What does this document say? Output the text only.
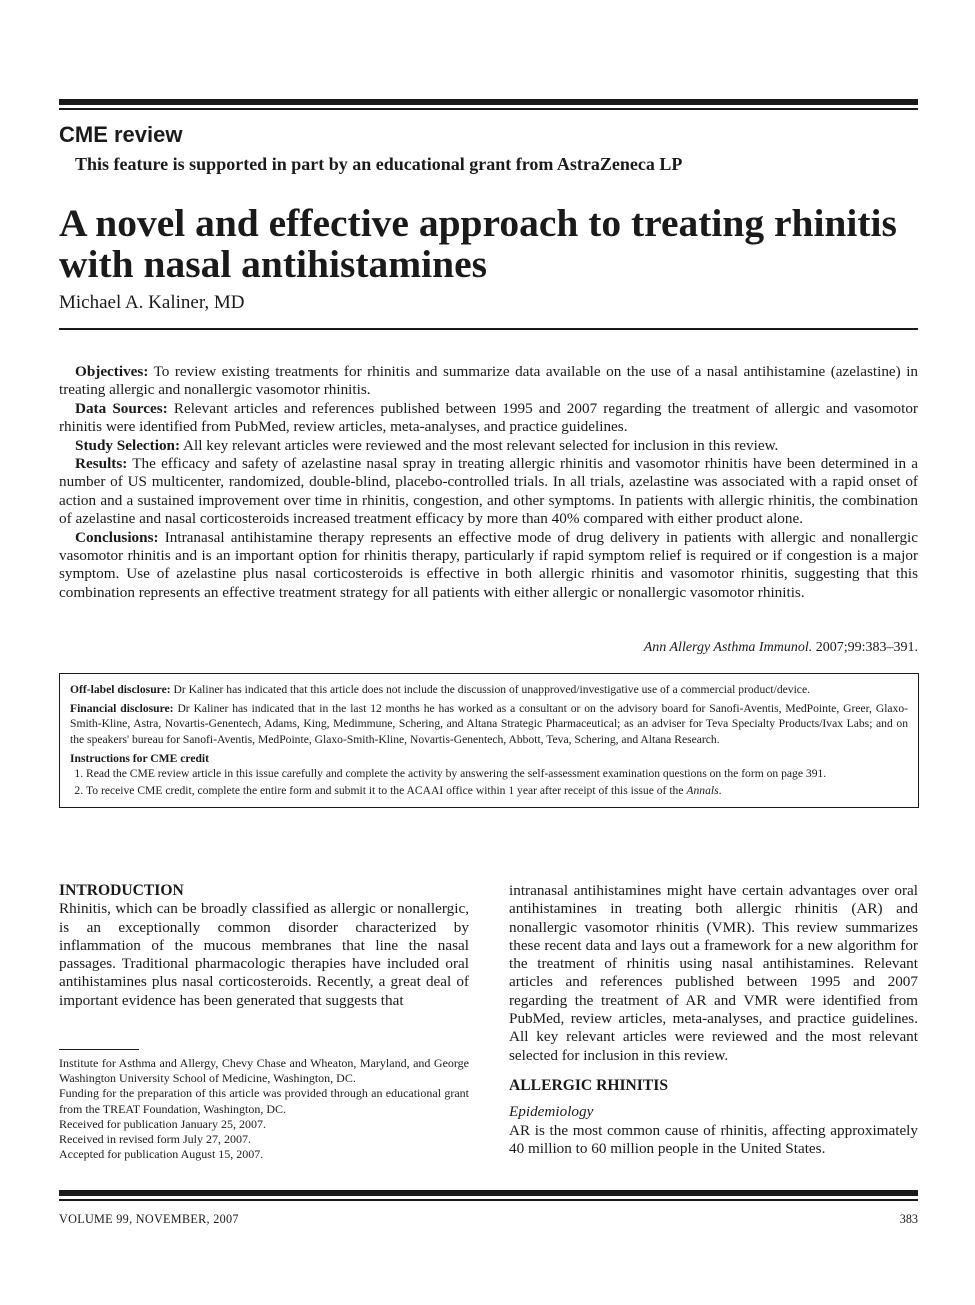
CME review
This feature is supported in part by an educational grant from AstraZeneca LP
A novel and effective approach to treating rhinitis with nasal antihistamines
Michael A. Kaliner, MD

Objectives: To review existing treatments for rhinitis and summarize data available on the use of a nasal antihistamine (azelastine) in treating allergic and nonallergic vasomotor rhinitis.

Data Sources: Relevant articles and references published between 1995 and 2007 regarding the treatment of allergic and vasomotor rhinitis were identified from PubMed, review articles, meta-analyses, and practice guidelines.

Study Selection: All key relevant articles were reviewed and the most relevant selected for inclusion in this review.

Results: The efficacy and safety of azelastine nasal spray in treating allergic rhinitis and vasomotor rhinitis have been determined in a number of US multicenter, randomized, double-blind, placebo-controlled trials. In all trials, azelastine was associated with a rapid onset of action and a sustained improvement over time in rhinitis, congestion, and other symptoms. In patients with allergic rhinitis, the combination of azelastine and nasal corticosteroids increased treatment efficacy by more than 40% compared with either product alone.

Conclusions: Intranasal antihistamine therapy represents an effective mode of drug delivery in patients with allergic and nonallergic vasomotor rhinitis and is an important option for rhinitis therapy, particularly if rapid symptom relief is required or if congestion is a major symptom. Use of azelastine plus nasal corticosteroids is effective in both allergic rhinitis and vasomotor rhinitis, suggesting that this combination represents an effective treatment strategy for all patients with either allergic or nonallergic vasomotor rhinitis.

Ann Allergy Asthma Immunol. 2007;99:383–391.

Off-label disclosure: Dr Kaliner has indicated that this article does not include the discussion of unapproved/investigative use of a commercial product/device.

Financial disclosure: Dr Kaliner has indicated that in the last 12 months he has worked as a consultant or on the advisory board for Sanofi-Aventis, MedPointe, Greer, Glaxo-Smith-Kline, Astra, Novartis-Genentech, Adams, King, Medimmune, Schering, and Altana Strategic Pharmaceutical; as an adviser for Teva Specialty Products/Ivax Labs; and on the speakers' bureau for Sanofi-Aventis, MedPointe, Glaxo-Smith-Kline, Novartis-Genentech, Abbott, Teva, Schering, and Altana Research.

Instructions for CME credit

1. Read the CME review article in this issue carefully and complete the activity by answering the self-assessment examination questions on the form on page 391.
2. To receive CME credit, complete the entire form and submit it to the ACAAI office within 1 year after receipt of this issue of the Annals.
INTRODUCTION

Rhinitis, which can be broadly classified as allergic or nonallergic, is an exceptionally common disorder characterized by inflammation of the mucous membranes that line the nasal passages. Traditional pharmacologic therapies have included oral antihistamines plus nasal corticosteroids. Recently, a great deal of important evidence has been generated that suggests that

intranasal antihistamines might have certain advantages over oral antihistamines in treating both allergic rhinitis (AR) and nonallergic vasomotor rhinitis (VMR). This review summarizes these recent data and lays out a framework for a new algorithm for the treatment of rhinitis using nasal antihistamines. Relevant articles and references published between 1995 and 2007 regarding the treatment of AR and VMR were identified from PubMed, review articles, meta-analyses, and practice guidelines. All key relevant articles were reviewed and the most relevant selected for inclusion in this review.

ALLERGIC RHINITIS
Epidemiology

AR is the most common cause of rhinitis, affecting approximately 40 million to 60 million people in the United States.

Institute for Asthma and Allergy, Chevy Chase and Wheaton, Maryland, and George Washington University School of Medicine, Washington, DC.

Funding for the preparation of this article was provided through an educational grant from the TREAT Foundation, Washington, DC.

Received for publication January 25, 2007.

Received in revised form July 27, 2007.

Accepted for publication August 15, 2007.

VOLUME 99, NOVEMBER, 2007	383
